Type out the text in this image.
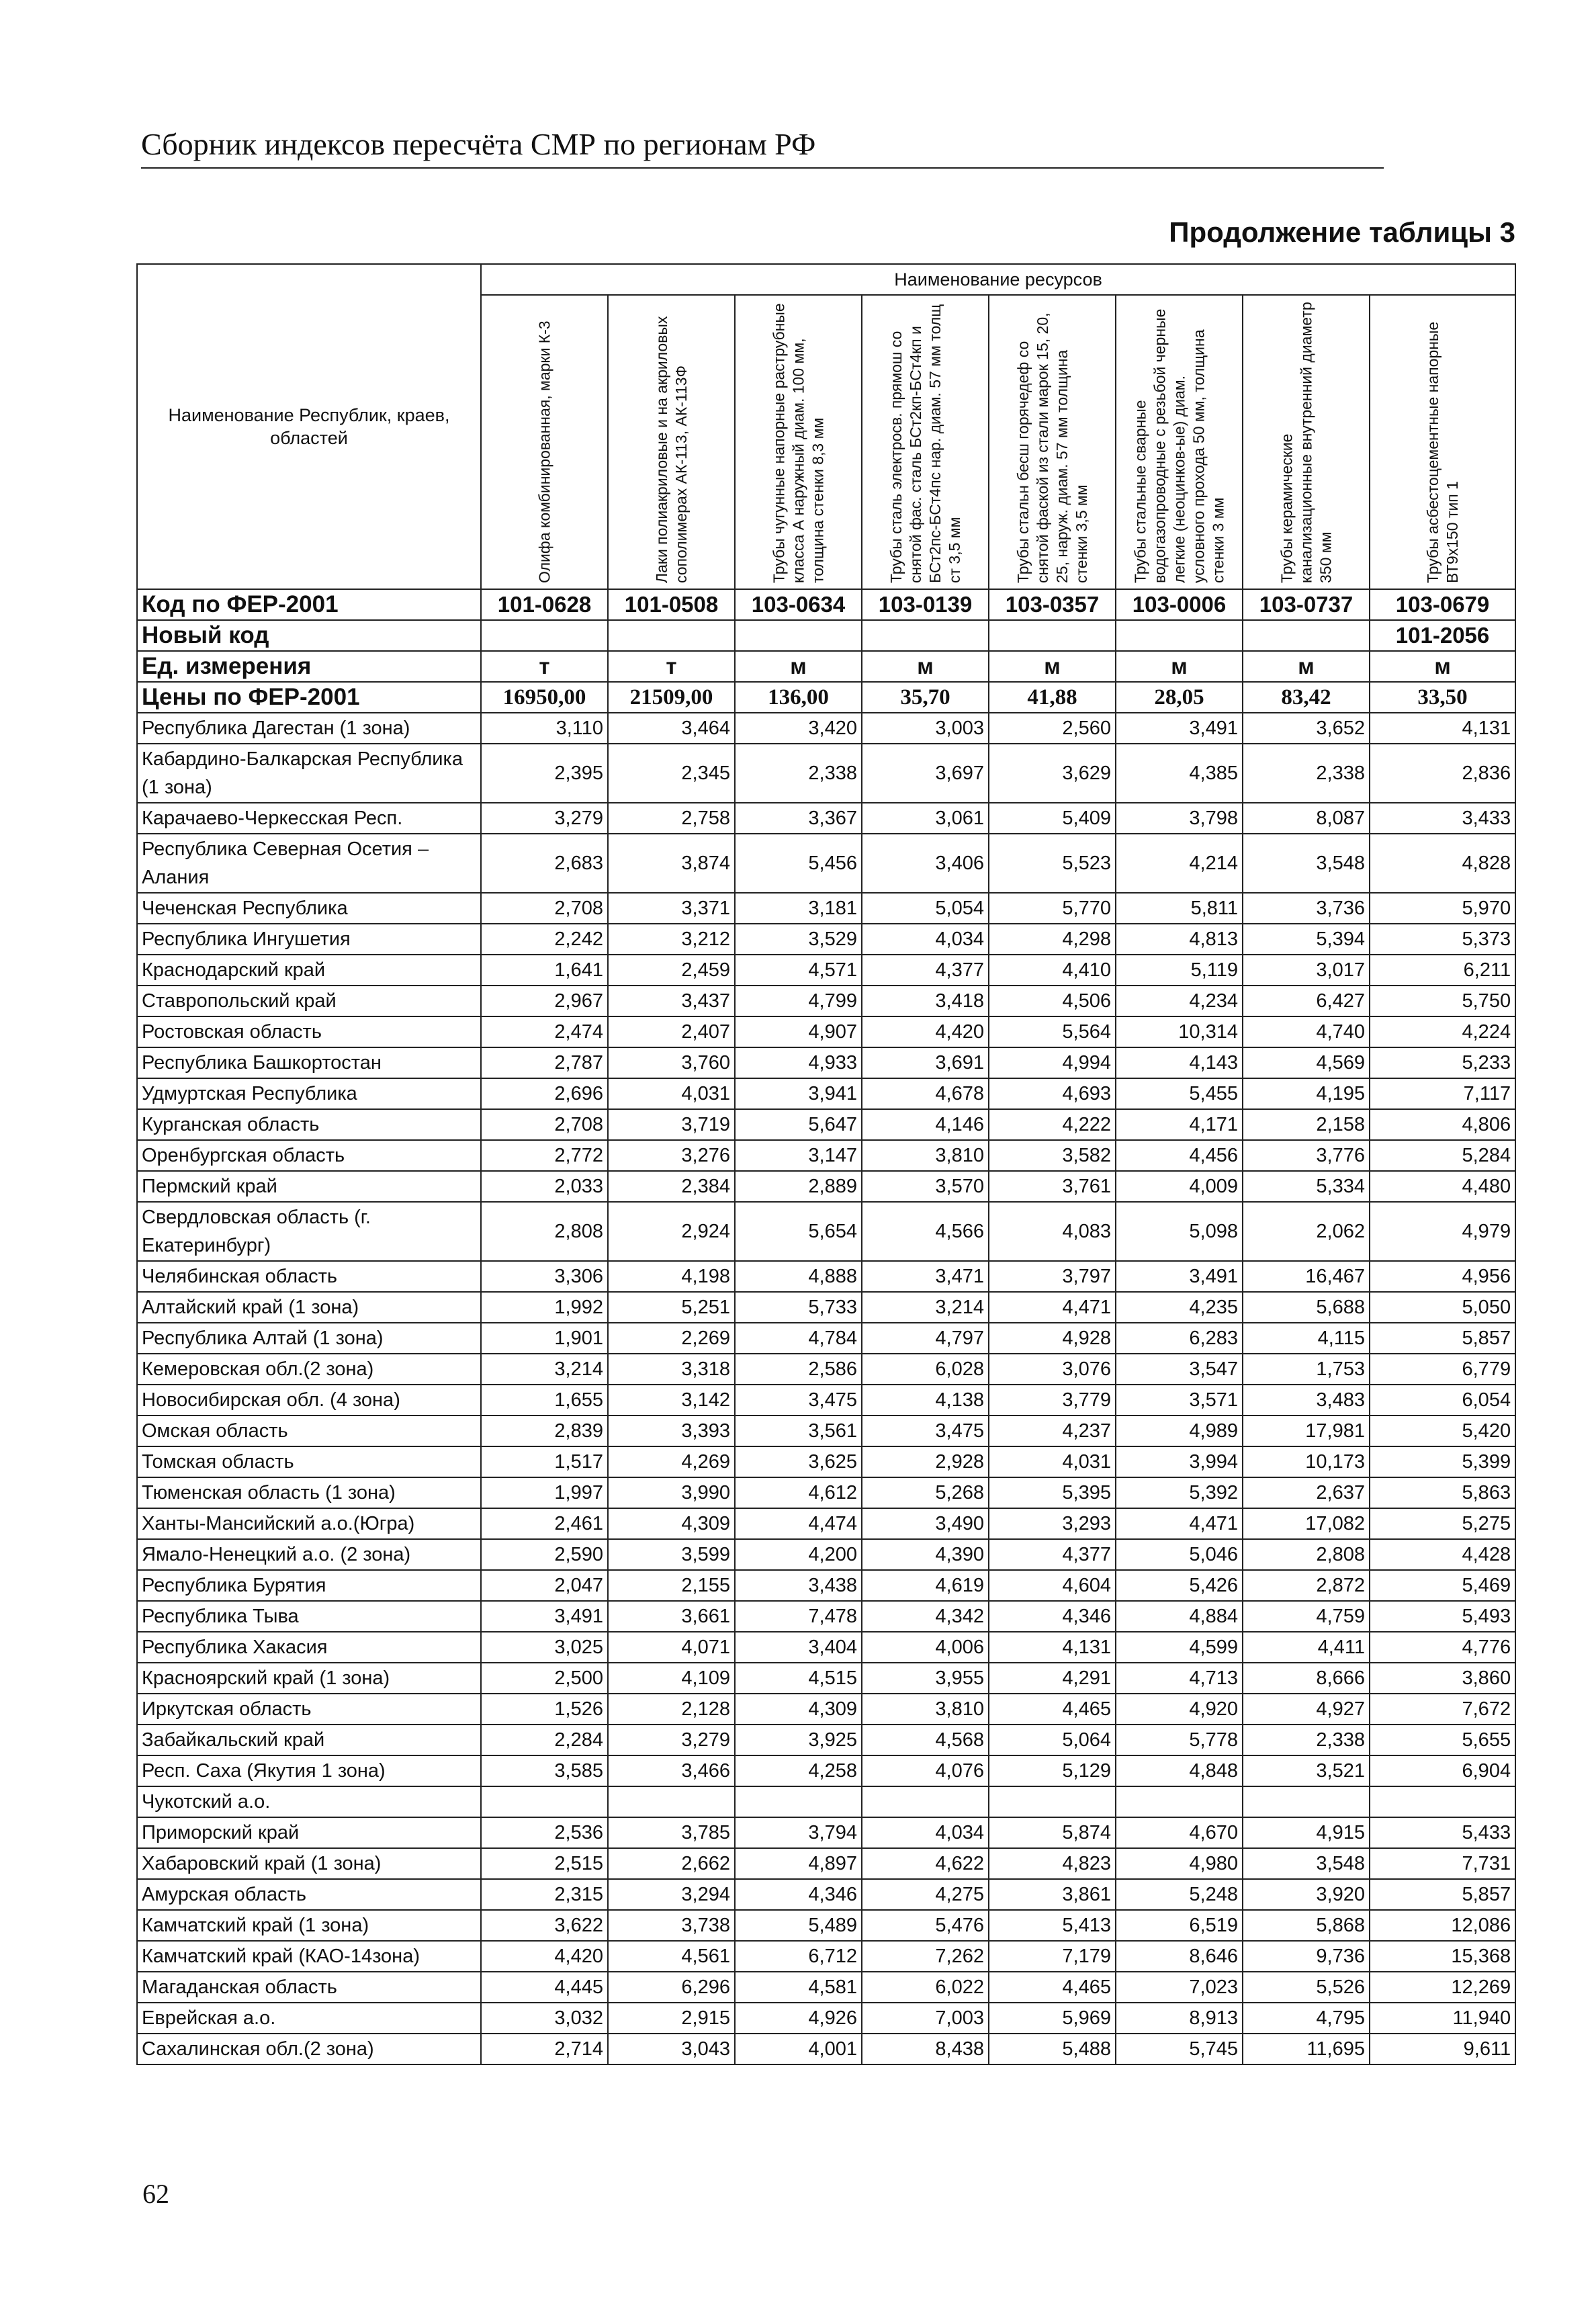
Сборник индексов пересчёта СМР по регионам РФ
Продолжение таблицы 3
Наименование Республик, краев, областей	Наименование ресурсов							

	Олифа комбинированная, марки К-3	Лаки полиакриловые и на акриловых сополимерах АК-113, АК-113Ф	Трубы чугунные напорные раструбные класса А наружный диам. 100 мм, толщина стенки 8,3 мм	Трубы сталь электросв. прямош со снятой фас. сталь БСт2кп-БСт4кп и БСт2пс-БСт4пс нар. диам. 57 мм толщ ст 3,5 мм	Трубы стальн бесш горячедеф со снятой фаской из стали марок 15, 20, 25, наруж. диам. 57 мм толщина стенки 3,5 мм	Трубы стальные сварные водогазопроводные с резьбой черные легкие (неоцинков-ые) диам. условного прохода 50 мм, толщина стенки 3 мм	Трубы керамические канализационные внутренний диаметр 350 мм	Трубы асбестоцементные напорные ВТ9х150 тип 1

Код по ФЕР-2001	101-0628	101-0508	103-0634	103-0139	103-0357	103-0006	103-0737	103-0679
Новый код								101-2056
Ед. измерения	т	т	м	м	м	м	м	м
Цены по ФЕР-2001	16950,00	21509,00	136,00	35,70	41,88	28,05	83,42	33,50
Республика Дагестан (1 зона)	3,110	3,464	3,420	3,003	2,560	3,491	3,652	4,131
Кабардино-Балкарская Республика (1 зона)	2,395	2,345	2,338	3,697	3,629	4,385	2,338	2,836
Карачаево-Черкесская Респ.	3,279	2,758	3,367	3,061	5,409	3,798	8,087	3,433
Республика Северная Осетия – Алания	2,683	3,874	5,456	3,406	5,523	4,214	3,548	4,828
Чеченская Республика	2,708	3,371	3,181	5,054	5,770	5,811	3,736	5,970
Республика Ингушетия	2,242	3,212	3,529	4,034	4,298	4,813	5,394	5,373
Краснодарский край	1,641	2,459	4,571	4,377	4,410	5,119	3,017	6,211
Ставропольский край	2,967	3,437	4,799	3,418	4,506	4,234	6,427	5,750
Ростовская область	2,474	2,407	4,907	4,420	5,564	10,314	4,740	4,224
Республика Башкортостан	2,787	3,760	4,933	3,691	4,994	4,143	4,569	5,233
Удмуртская Республика	2,696	4,031	3,941	4,678	4,693	5,455	4,195	7,117
Курганская область	2,708	3,719	5,647	4,146	4,222	4,171	2,158	4,806
Оренбургская область	2,772	3,276	3,147	3,810	3,582	4,456	3,776	5,284
Пермский край	2,033	2,384	2,889	3,570	3,761	4,009	5,334	4,480
Свердловская область (г. Екатеринбург)	2,808	2,924	5,654	4,566	4,083	5,098	2,062	4,979
Челябинская область	3,306	4,198	4,888	3,471	3,797	3,491	16,467	4,956
Алтайский край (1 зона)	1,992	5,251	5,733	3,214	4,471	4,235	5,688	5,050
Республика Алтай (1 зона)	1,901	2,269	4,784	4,797	4,928	6,283	4,115	5,857
Кемеровская обл.(2 зона)	3,214	3,318	2,586	6,028	3,076	3,547	1,753	6,779
Новосибирская обл. (4 зона)	1,655	3,142	3,475	4,138	3,779	3,571	3,483	6,054
Омская область	2,839	3,393	3,561	3,475	4,237	4,989	17,981	5,420
Томская область	1,517	4,269	3,625	2,928	4,031	3,994	10,173	5,399
Тюменская область (1 зона)	1,997	3,990	4,612	5,268	5,395	5,392	2,637	5,863
Ханты-Мансийский а.о.(Югра)	2,461	4,309	4,474	3,490	3,293	4,471	17,082	5,275
Ямало-Ненецкий а.о. (2 зона)	2,590	3,599	4,200	4,390	4,377	5,046	2,808	4,428
Республика Бурятия	2,047	2,155	3,438	4,619	4,604	5,426	2,872	5,469
Республика Тыва	3,491	3,661	7,478	4,342	4,346	4,884	4,759	5,493
Республика Хакасия	3,025	4,071	3,404	4,006	4,131	4,599	4,411	4,776
Красноярский край (1 зона)	2,500	4,109	4,515	3,955	4,291	4,713	8,666	3,860
Иркутская область	1,526	2,128	4,309	3,810	4,465	4,920	4,927	7,672
Забайкальский край	2,284	3,279	3,925	4,568	5,064	5,778	2,338	5,655
Респ. Саха (Якутия 1 зона)	3,585	3,466	4,258	4,076	5,129	4,848	3,521	6,904
Чукотский а.о.								
Приморский край	2,536	3,785	3,794	4,034	5,874	4,670	4,915	5,433
Хабаровский край (1 зона)	2,515	2,662	4,897	4,622	4,823	4,980	3,548	7,731
Амурская область	2,315	3,294	4,346	4,275	3,861	5,248	3,920	5,857
Камчатский край (1 зона)	3,622	3,738	5,489	5,476	5,413	6,519	5,868	12,086
Камчатский край (КАО-14зона)	4,420	4,561	6,712	7,262	7,179	8,646	9,736	15,368
Магаданская область	4,445	6,296	4,581	6,022	4,465	7,023	5,526	12,269
Еврейская а.о.	3,032	2,915	4,926	7,003	5,969	8,913	4,795	11,940
Сахалинская обл.(2 зона)	2,714	3,043	4,001	8,438	5,488	5,745	11,695	9,611
62
